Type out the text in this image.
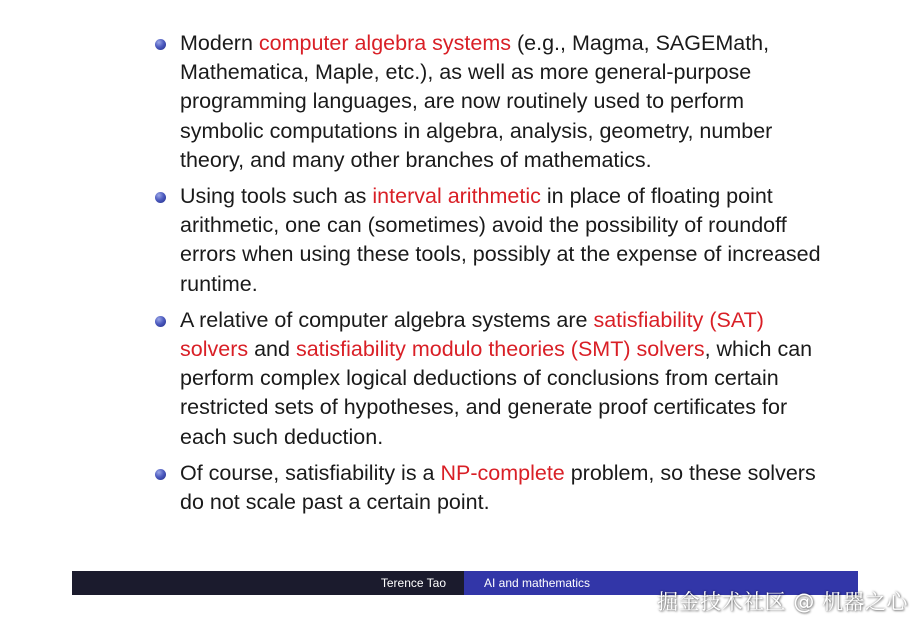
Modern computer algebra systems (e.g., Magma, SAGEMath, Mathematica, Maple, etc.), as well as more general-purpose programming languages, are now routinely used to perform symbolic computations in algebra, analysis, geometry, number theory, and many other branches of mathematics.
Using tools such as interval arithmetic in place of floating point arithmetic, one can (sometimes) avoid the possibility of roundoff errors when using these tools, possibly at the expense of increased runtime.
A relative of computer algebra systems are satisfiability (SAT) solvers and satisfiability modulo theories (SMT) solvers, which can perform complex logical deductions of conclusions from certain restricted sets of hypotheses, and generate proof certificates for each such deduction.
Of course, satisfiability is a NP-complete problem, so these solvers do not scale past a certain point.
Terence Tao	AI and mathematics
掘金技术社区 @ 机器之心
